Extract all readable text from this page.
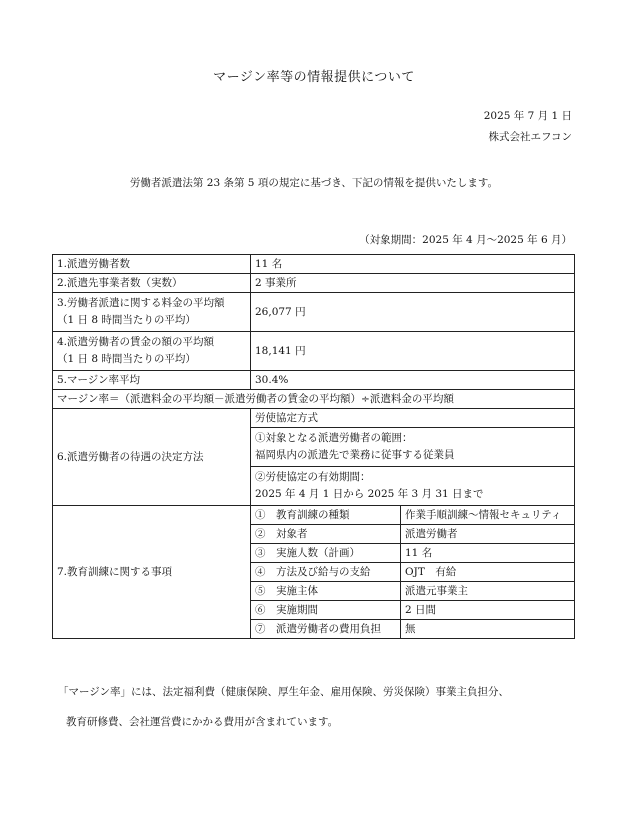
マージン率等の情報提供について
2025 年 7 月 1 日
株式会社エフコン
労働者派遣法第 23 条第 5 項の規定に基づき、下記の情報を提供いたします。
（対象期間：2025 年 4 月～2025 年 6 月）
1.派遣労働者数	11 名	
2.派遣先事業者数（実数）	2 事業所	

3.労働者派遣に関する料金の平均額
（1 日 8 時間当たりの平均）	26,077 円	

4.派遣労働者の賃金の額の平均額
（1 日 8 時間当たりの平均）	18,141 円	
5.マージン率平均	30.4%	
マージン率＝（派遣料金の平均額－派遣労働者の賃金の平均額）÷派遣料金の平均額		
6.派遣労働者の待遇の決定方法	労使協定方式	

	①対象となる派遣労働者の範囲：
福岡県内の派遣先で業務に従事する従業員	

	②労使協定の有効期間：
2025 年 4 月 1 日から 2025 年 3 月 31 日まで	

7.教育訓練に関する事項	①　教育訓練の種類	作業手順訓練～情報セキュリティ
	②　対象者	派遣労働者
	③　実施人数（計画）	11 名
	④　方法及び給与の支給	OJT　有給
	⑤　実施主体	派遣元事業主
	⑥　実施期間	2 日間
	⑦　派遣労働者の費用負担	無
「マージン率」には、法定福利費（健康保険、厚生年金、雇用保険、労災保険）事業主負担分、
教育研修費、会社運営費にかかる費用が含まれています。
